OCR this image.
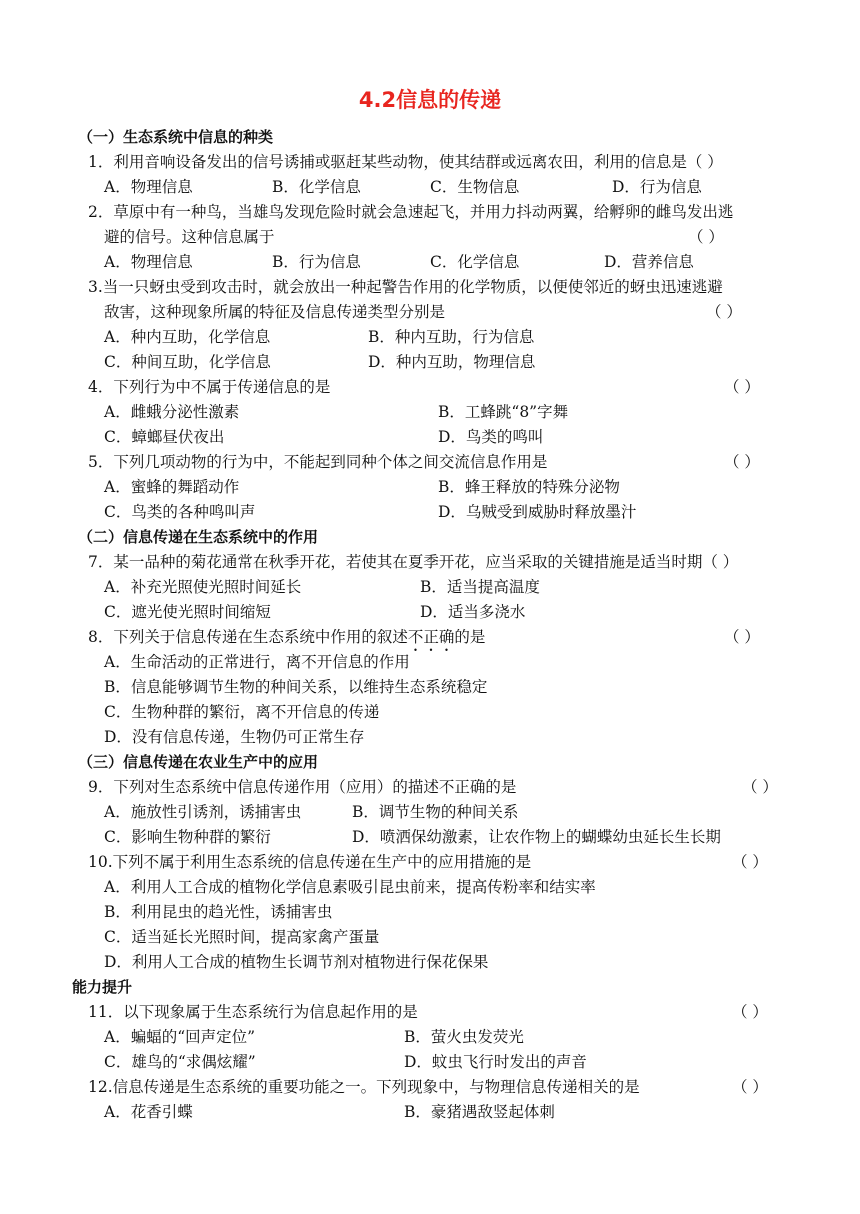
4.2信息的传递
（一）生态系统中信息的种类
1．利用音响设备发出的信号诱捕或驱赶某些动物，使其结群或远离农田，利用的信息是（ ）
A．物理信息	B．化学信息	C．生物信息	D．行为信息
2．草原中有一种鸟，当雄鸟发现危险时就会急速起飞，并用力抖动两翼，给孵卵的雌鸟发出逃
避的信号。这种信息属于	（ ）
A．物理信息	B．行为信息	C．化学信息	D．营养信息
3.当一只蚜虫受到攻击时，就会放出一种起警告作用的化学物质，以便使邻近的蚜虫迅速逃避
敌害，这种现象所属的特征及信息传递类型分别是	（ ）
A．种内互助，化学信息	B．种内互助，行为信息
C．种间互助，化学信息	D．种内互助，物理信息
4．下列行为中不属于传递信息的是	（ ）
A．雌蛾分泌性激素	B．工蜂跳“8”字舞
C．蟑螂昼伏夜出	D．鸟类的鸣叫
5．下列几项动物的行为中，不能起到同种个体之间交流信息作用是	（ ）
A．蜜蜂的舞蹈动作	B．蜂王释放的特殊分泌物
C．鸟类的各种鸣叫声	D．乌贼受到威胁时释放墨汁
（二）信息传递在生态系统中的作用
7．某一品种的菊花通常在秋季开花，若使其在夏季开花，应当采取的关键措施是适当时期（ ）
A．补充光照使光照时间延长	B．适当提高温度
C．遮光使光照时间缩短	D．适当多浇水
8．下列关于信息传递在生态系统中作用的叙述不正确的是	（ ）
A．生命活动的正常进行，离不开信息的作用
B．信息能够调节生物的种间关系，以维持生态系统稳定
C．生物种群的繁衍，离不开信息的传递
D．没有信息传递，生物仍可正常生存
（三）信息传递在农业生产中的应用
9．下列对生态系统中信息传递作用（应用）的描述不正确的是	（ ）
A．施放性引诱剂，诱捕害虫	B．调节生物的种间关系
C．影响生物种群的繁衍	D．喷洒保幼激素，让农作物上的蝴蝶幼虫延长生长期
10.下列不属于利用生态系统的信息传递在生产中的应用措施的是	（ ）
A．利用人工合成的植物化学信息素吸引昆虫前来，提高传粉率和结实率
B．利用昆虫的趋光性，诱捕害虫
C．适当延长光照时间，提高家禽产蛋量
D．利用人工合成的植物生长调节剂对植物进行保花保果
能力提升
11．以下现象属于生态系统行为信息起作用的是	（ ）
A．蝙蝠的“回声定位”	B．萤火虫发荧光
C．雄鸟的“求偶炫耀”	D．蚊虫飞行时发出的声音
12.信息传递是生态系统的重要功能之一。下列现象中，与物理信息传递相关的是	（ ）
A．花香引蝶	B．豪猪遇敌竖起体刺
